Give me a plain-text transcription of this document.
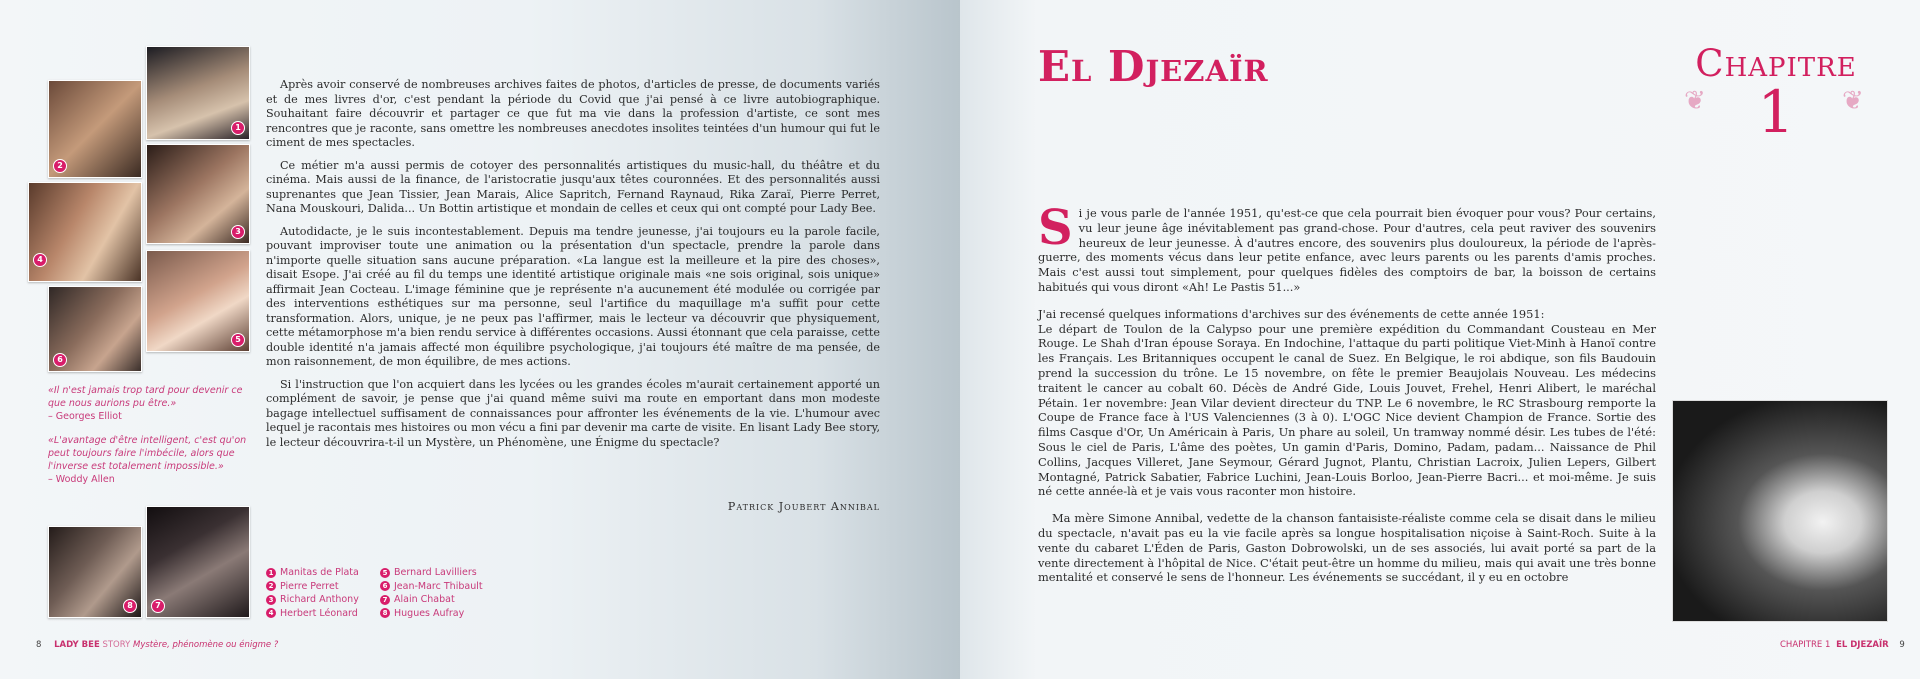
2
1
4
3
5
6
8	7
«Il n'est jamais trop tard pour devenir ce que nous aurions pu être.»
– Georges Elliot
«L'avantage d'être intelligent, c'est qu'on peut toujours faire l'imbécile, alors que l'inverse est totalement impossible.»
– Woddy Allen
1 Manitas de Plata
2 Pierre Perret
3 Richard Anthony
4 Herbert Léonard
5 Bernard Lavilliers
6 Jean-Marc Thibault
7 Alain Chabat
8 Hugues Aufray

Après avoir conservé de nombreuses archives faites de photos, d'articles de presse, de documents variés et de mes livres d'or, c'est pendant la période du Covid que j'ai pensé à ce livre autobiographique. Souhaitant faire découvrir et partager ce que fut ma vie dans la profession d'artiste, ce sont mes rencontres que je raconte, sans omettre les nombreuses anecdotes insolites teintées d'un humour qui fut le ciment de mes spectacles.

Ce métier m'a aussi permis de cotoyer des personnalités artistiques du music-hall, du théâtre et du cinéma. Mais aussi de la finance, de l'aristocratie jusqu'aux têtes couronnées. Et des personnalités aussi suprenantes que Jean Tissier, Jean Marais, Alice Sapritch, Fernand Raynaud, Rika Zaraï, Pierre Perret, Nana Mouskouri, Dalida... Un Bottin artistique et mondain de celles et ceux qui ont compté pour Lady Bee.

Autodidacte, je le suis incontestablement. Depuis ma tendre jeunesse, j'ai toujours eu la parole facile, pouvant improviser toute une animation ou la présentation d'un spectacle, prendre la parole dans n'importe quelle situation sans aucune préparation. «La langue est la meilleure et la pire des choses», disait Esope. J'ai créé au fil du temps une identité artistique originale mais «ne sois original, sois unique» affirmait Jean Cocteau. L'image féminine que je représente n'a aucunement été modulée ou corrigée par des interventions esthétiques sur ma personne, seul l'artifice du maquillage m'a suffit pour cette transformation. Alors, unique, je ne peux pas l'affirmer, mais le lecteur va découvrir que physiquement, cette métamorphose m'a bien rendu service à différentes occasions. Aussi étonnant que cela paraisse, cette double identité n'a jamais affecté mon équilibre psychologique, j'ai toujours été maître de ma pensée, de mon raisonnement, de mon équilibre, de mes actions.

Si l'instruction que l'on acquiert dans les lycées ou les grandes écoles m'aurait certainement apporté un complément de savoir, je pense que j'ai quand même suivi ma route en emportant dans mon modeste bagage intellectuel suffisament de connaissances pour affronter les événements de la vie. L'humour avec lequel je racontais mes histoires ou mon vécu a fini par devenir ma carte de visite. En lisant Lady Bee story, le lecteur découvrira-t-il un Mystère, un Phénomène, une Énigme du spectacle?

Patrick Joubert Annibal
8 LADY BEE STORY Mystère, phénomène ou énigme ?
El Djezaïr	Chapitre
1
❦	❦

S i je vous parle de l'année 1951, qu'est-ce que cela pourrait bien évoquer pour vous? Pour certains, vu leur jeune âge inévitablement pas grand-chose. Pour d'autres, cela peut raviver des souvenirs heureux de leur jeunesse. À d'autres encore, des souvenirs plus douloureux, la période de l'après-guerre, des moments vécus dans leur petite enfance, avec leurs parents ou les parents d'amis proches. Mais c'est aussi tout simplement, pour quelques fidèles des comptoirs de bar, la boisson de certains habitués qui vous diront «Ah! Le Pastis 51...»

J'ai recensé quelques informations d'archives sur des événements de cette année 1951:

Le départ de Toulon de la Calypso pour une première expédition du Commandant Cousteau en Mer Rouge. Le Shah d'Iran épouse Soraya. En Indochine, l'attaque du parti politique Viet-Minh à Hanoï contre les Français. Les Britanniques occupent le canal de Suez. En Belgique, le roi abdique, son fils Baudouin prend la succession du trône. Le 15 novembre, on fête le premier Beaujolais Nouveau. Les médecins traitent le cancer au cobalt 60. Décès de André Gide, Louis Jouvet, Frehel, Henri Alibert, le maréchal Pétain. 1er novembre: Jean Vilar devient directeur du TNP. Le 6 novembre, le RC Strasbourg remporte la Coupe de France face à l'US Valenciennes (3 à 0). L'OGC Nice devient Champion de France. Sortie des films Casque d'Or, Un Américain à Paris, Un phare au soleil, Un tramway nommé désir. Les tubes de l'été: Sous le ciel de Paris, L'âme des poètes, Un gamin d'Paris, Domino, Padam, padam... Naissance de Phil Collins, Jacques Villeret, Jane Seymour, Gérard Jugnot, Plantu, Christian Lacroix, Julien Lepers, Gilbert Montagné, Patrick Sabatier, Fabrice Luchini, Jean-Louis Borloo, Jean-Pierre Bacri... et moi-même. Je suis né cette année-là et je vais vous raconter mon histoire.

Ma mère Simone Annibal, vedette de la chanson fantaisiste-réaliste comme cela se disait dans le milieu du spectacle, n'avait pas eu la vie facile après sa longue hospitalisation niçoise à Saint-Roch. Suite à la vente du cabaret L'Éden de Paris, Gaston Dobrowolski, un de ses associés, lui avait porté sa part de la vente directement à l'hôpital de Nice. C'était peut-être un homme du milieu, mais qui avait une très bonne mentalité et conservé le sens de l'honneur. Les événements se succédant, il y eu en octobre

CHAPITRE 1 EL DJEZAÏR 9
